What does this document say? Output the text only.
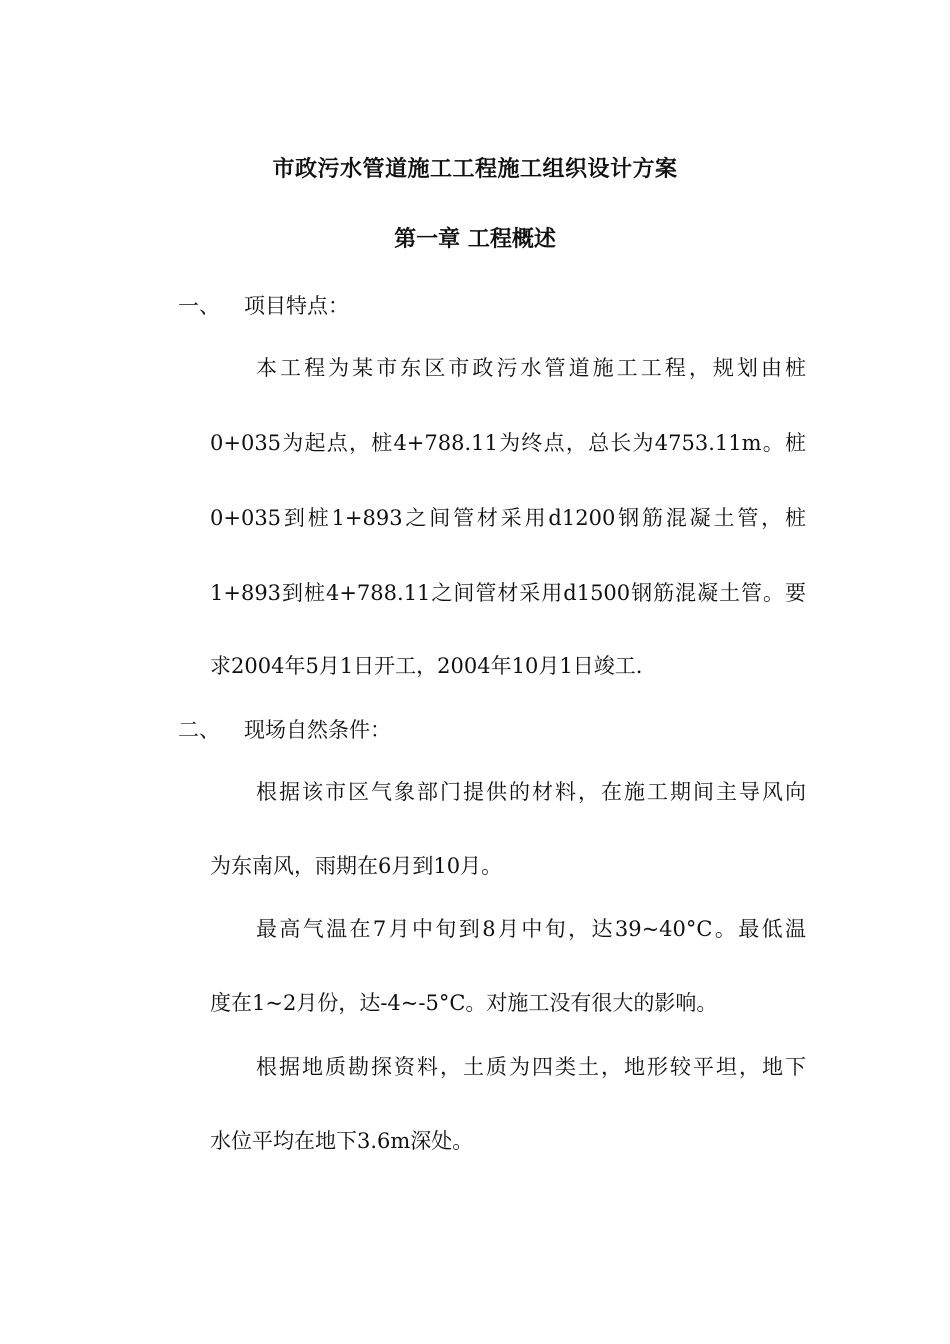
市政污水管道施工工程施工组织设计方案
第一章 工程概述
一、	项目特点：
本工程为某市东区市政污水管道施工工程，规划由桩
0+035为起点，桩4+788.11为终点，总长为4753.11m。桩
0+035到桩1+893之间管材采用d1200钢筋混凝土管，桩
1+893到桩4+788.11之间管材采用d1500钢筋混凝土管。要
求2004年5月1日开工，2004年10月1日竣工.
二、	现场自然条件：
根据该市区气象部门提供的材料，在施工期间主导风向
为东南风，雨期在6月到10月。
最高气温在7月中旬到8月中旬，达39~40°C。最低温
度在1~2月份，达-4~-5°C。对施工没有很大的影响。
根据地质勘探资料，土质为四类土，地形较平坦，地下
水位平均在地下3.6m深处。
